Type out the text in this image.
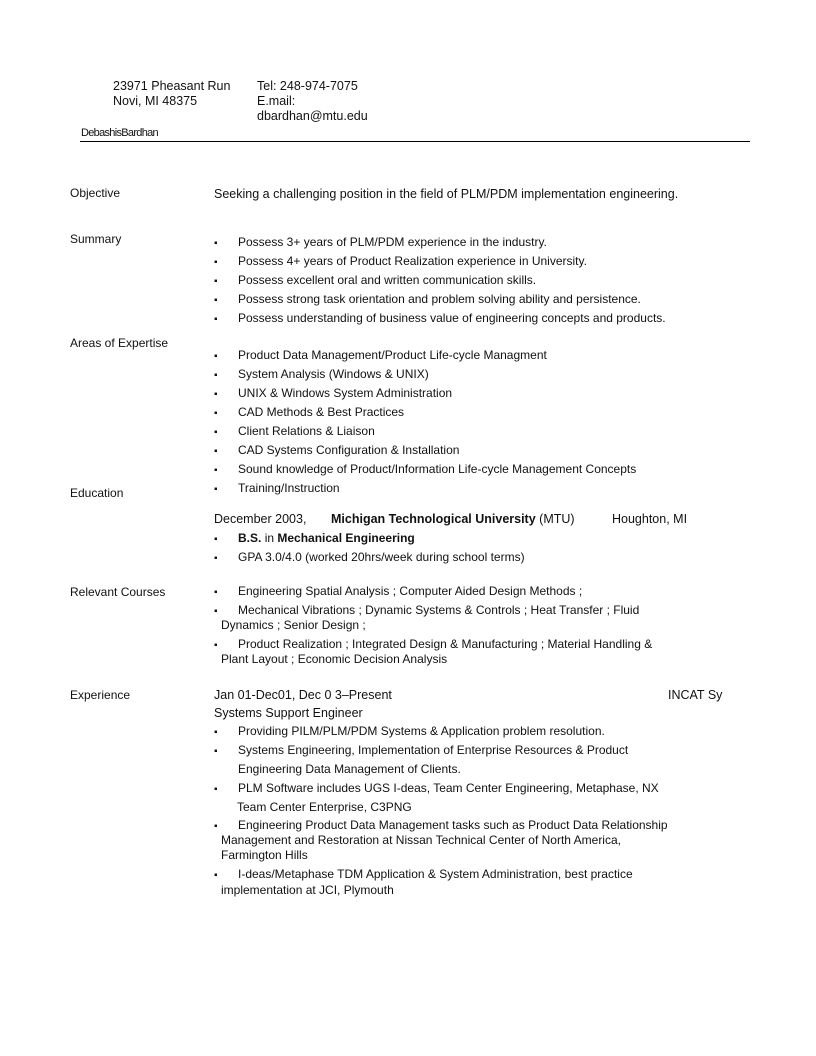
23971 Pheasant Run
Novi, MI 48375
Tel: 248-974-7075
E.mail:
dbardhan@mtu.edu
DebashisBardhan
Objective	Seeking a challenging position in the field of PLM/PDM implementation engineering.
Summary	▪ Possess 3+ years of PLM/PDM experience in the industry.
▪ Possess 4+ years of Product Realization experience in University.
▪ Possess excellent oral and written communication skills.
▪ Possess strong task orientation and problem solving ability and persistence.
▪ Possess understanding of business value of engineering concepts and products.
Areas of Expertise
▪ Product Data Management/Product Life-cycle Managment
▪ System Analysis (Windows & UNIX)
▪ UNIX & Windows System Administration
▪ CAD Methods & Best Practices
▪ Client Relations & Liaison
▪ CAD Systems Configuration & Installation
▪ Sound knowledge of Product/Information Life-cycle Management Concepts
▪ Training/Instruction
Education
December 2003, Michigan Technological University (MTU)	Houghton, MI
▪ B.S. in Mechanical Engineering
▪ GPA 3.0/4.0 (worked 20hrs/week during school terms)
Relevant Courses	▪ Engineering Spatial Analysis ; Computer Aided Design Methods ;
▪ Mechanical Vibrations ; Dynamic Systems & Controls ; Heat Transfer ; Fluid
Dynamics ; Senior Design ;
▪ Product Realization ; Integrated Design & Manufacturing ; Material Handling &
Plant Layout ; Economic Decision Analysis
Experience	Jan 01-Dec01, Dec 0 3–Present	INCAT Sy
Systems Support Engineer
▪ Providing PILM/PLM/PDM Systems & Application problem resolution.
▪ Systems Engineering, Implementation of Enterprise Resources & Product
Engineering Data Management of Clients.
▪ PLM Software includes UGS I-deas, Team Center Engineering, Metaphase, NX
Team Center Enterprise, C3PNG
▪ Engineering Product Data Management tasks such as Product Data Relationship
Management and Restoration at Nissan Technical Center of North America,
Farmington Hills
▪ I-deas/Metaphase TDM Application & System Administration, best practice
implementation at JCI, Plymouth
